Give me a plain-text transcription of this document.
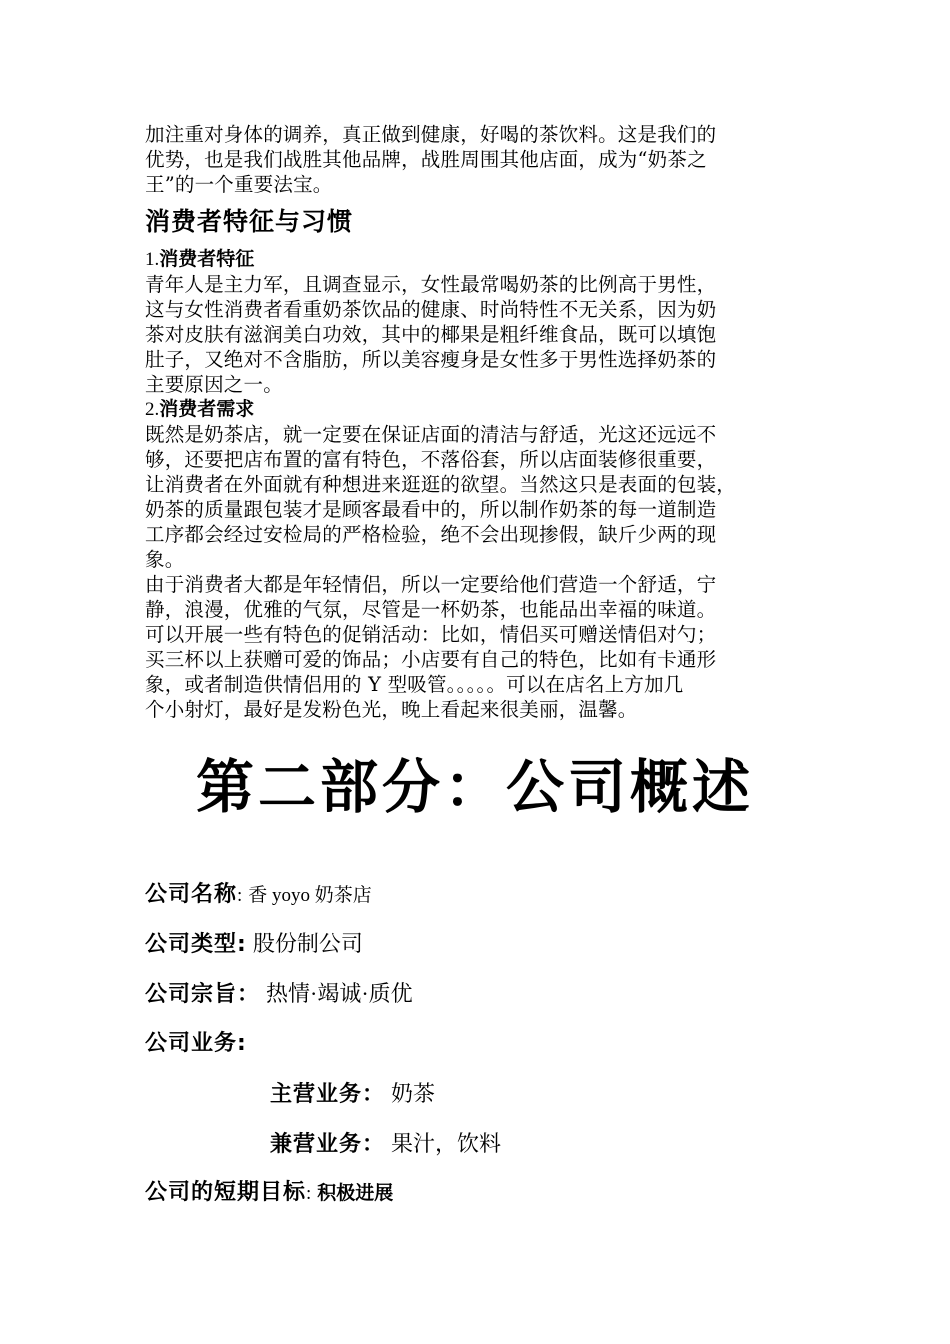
加注重对身体的调养，真正做到健康，好喝的茶饮料。这是我们的
优势，也是我们战胜其他品牌，战胜周围其他店面，成为“奶茶之
王”的一个重要法宝。
消费者特征与习惯
1.消费者特征
青年人是主力军，且调查显示，女性最常喝奶茶的比例高于男性，
这与女性消费者看重奶茶饮品的健康、时尚特性不无关系，因为奶
茶对皮肤有滋润美白功效，其中的椰果是粗纤维食品，既可以填饱
肚子，又绝对不含脂肪，所以美容瘦身是女性多于男性选择奶茶的
主要原因之一。
2.消费者需求
既然是奶茶店，就一定要在保证店面的清洁与舒适，光这还远远不
够，还要把店布置的富有特色，不落俗套，所以店面装修很重要，
让消费者在外面就有种想进来逛逛的欲望。当然这只是表面的包装，
奶茶的质量跟包装才是顾客最看中的，所以制作奶茶的每一道制造
工序都会经过安检局的严格检验，绝不会出现掺假，缺斤少两的现
象。
由于消费者大都是年轻情侣，所以一定要给他们营造一个舒适，宁
静，浪漫，优雅的气氛，尽管是一杯奶茶，也能品出幸福的味道。
可以开展一些有特色的促销活动：比如，情侣买可赠送情侣对勺；
买三杯以上获赠可爱的饰品；小店要有自己的特色，比如有卡通形
象，或者制造供情侣用的 Y 型吸管。。。。。可以在店名上方加几
个小射灯，最好是发粉色光，晚上看起来很美丽，温馨。
第二部分：公司概述
公司名称: 香 yoyo 奶茶店
公司类型: 股份制公司
公司宗旨： 热情·竭诚·质优
公司业务:
主营业务： 奶茶
兼营业务： 果汁，饮料
公司的短期目标: 积极进展
